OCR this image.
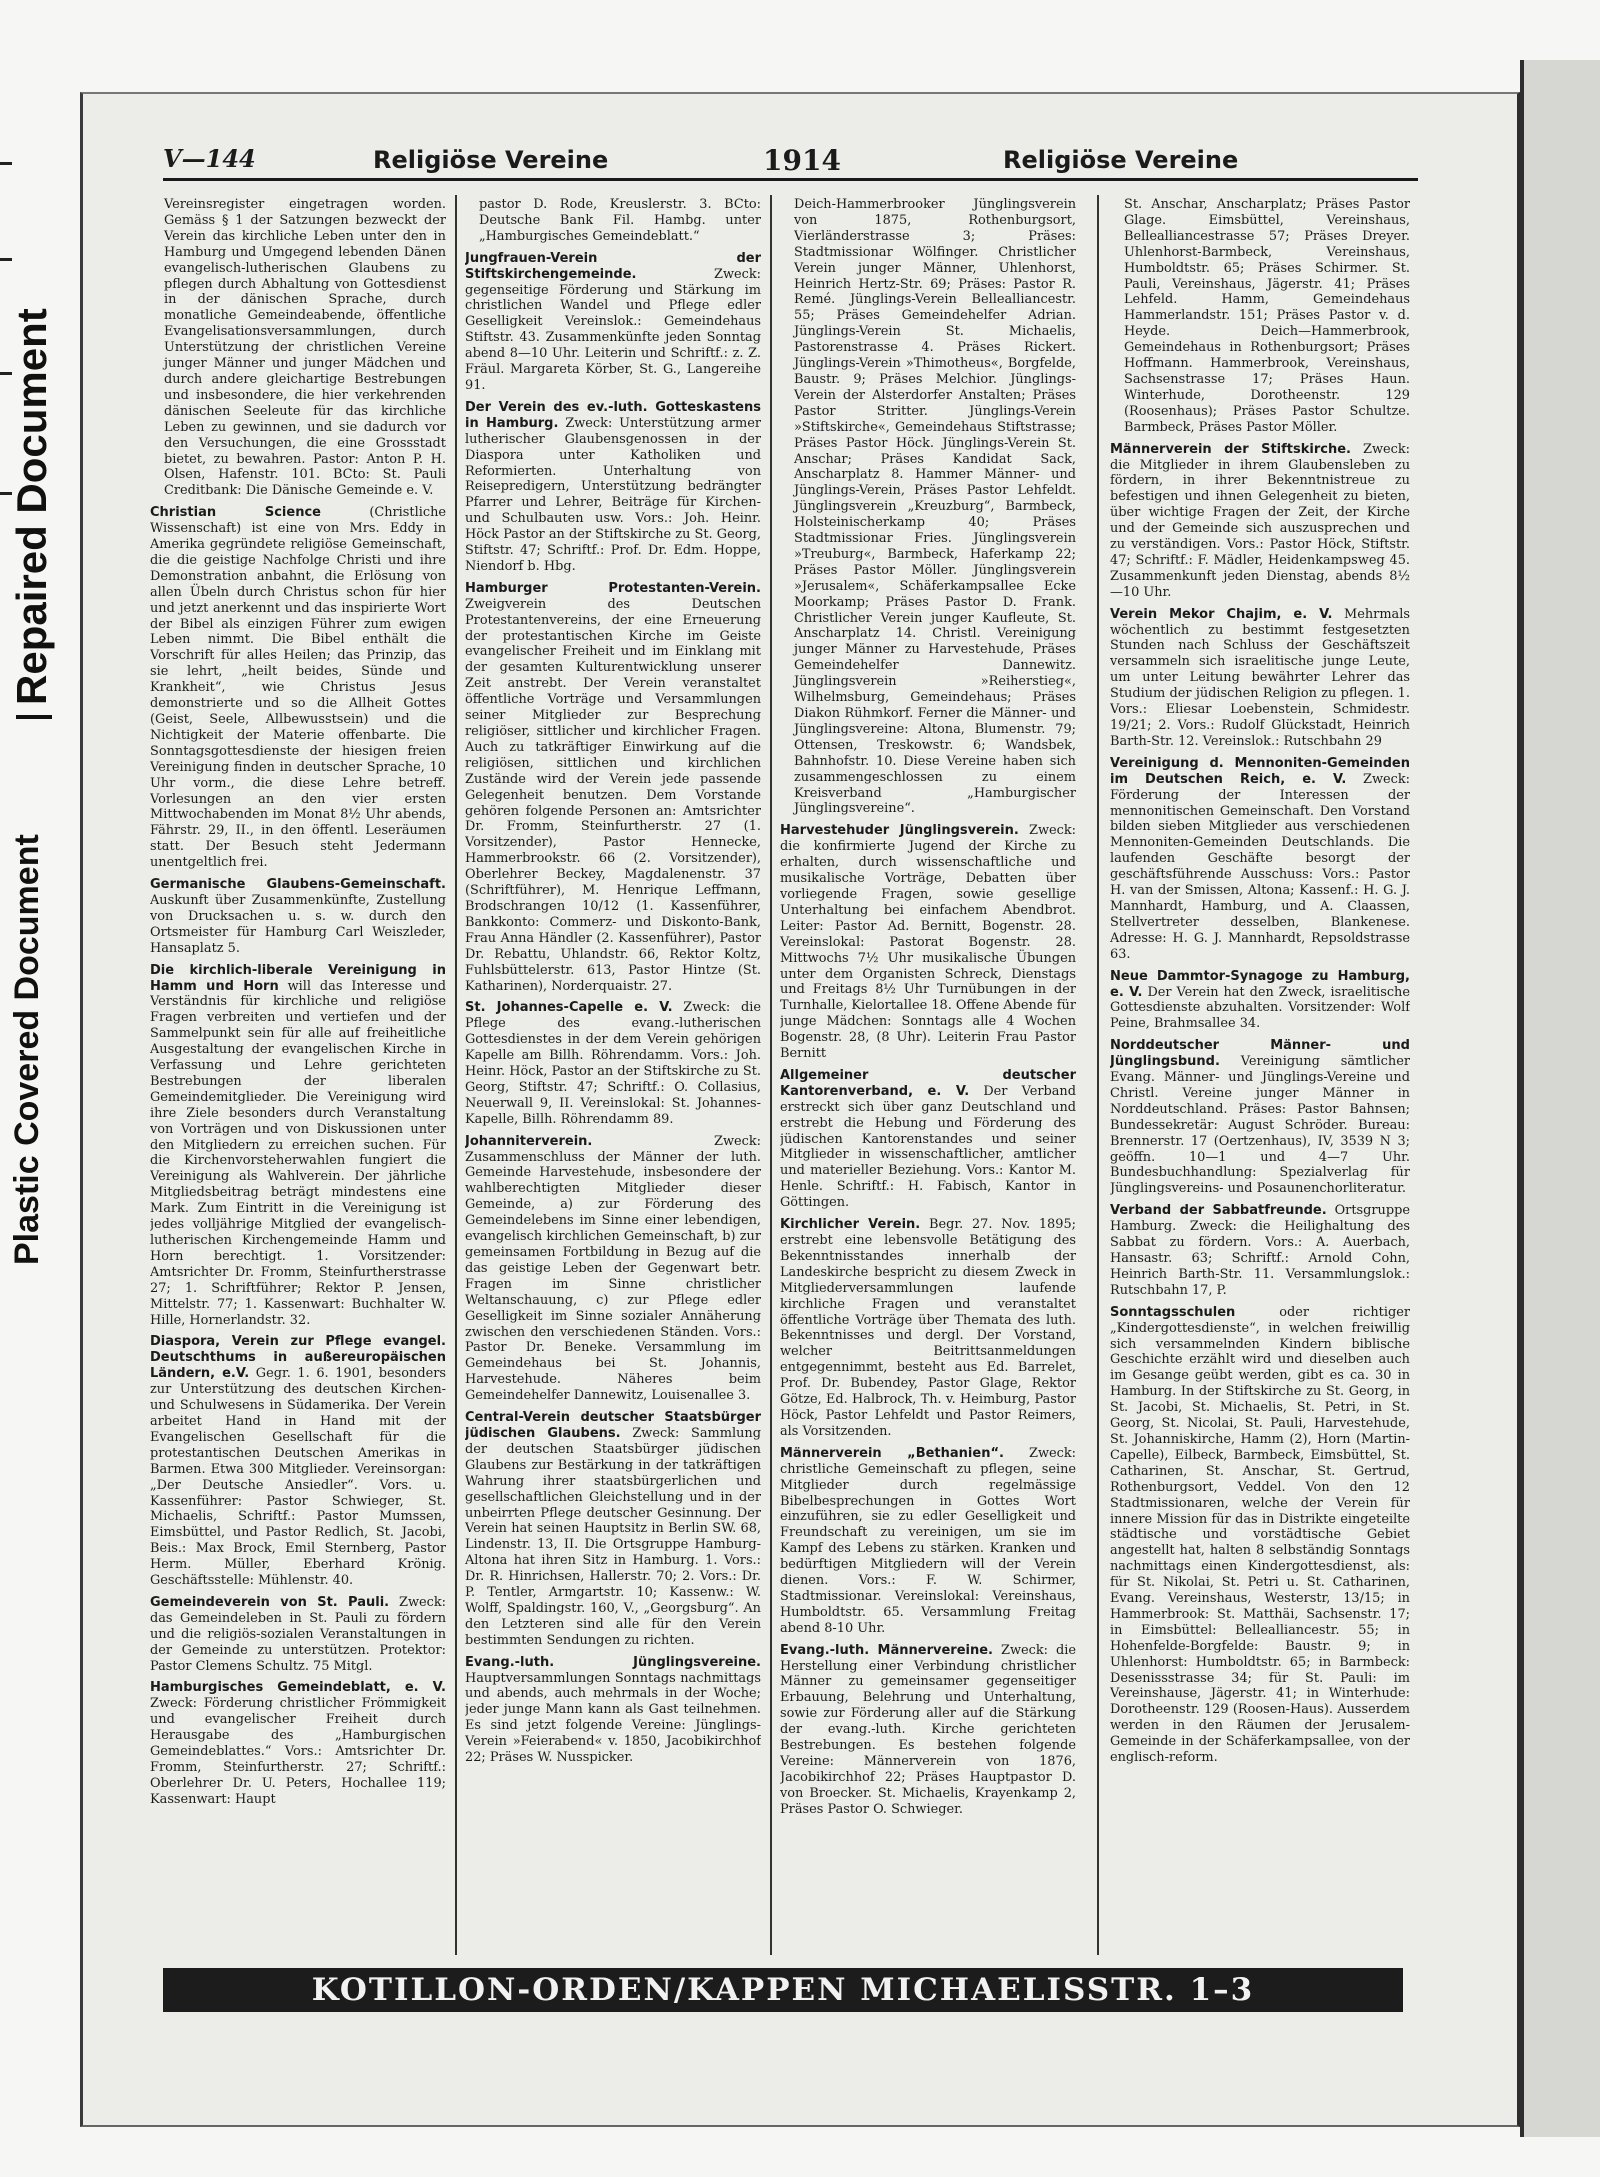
Plastic Covered Document
Repaired Document
V—144	Religiöse Vereine	1914	Religiöse Vereine

Vereinsregister eingetragen worden. Gemäss § 1 der Satzungen bezweckt der Verein das kirchliche Leben unter den in Hamburg und Umgegend lebenden Dänen evangelisch-lutherischen Glaubens zu pflegen durch Abhaltung von Gottesdienst in der dänischen Sprache, durch monatliche Gemeindeabende, öffentliche Evangelisationsversammlungen, durch Unterstützung der christlichen Vereine junger Männer und junger Mädchen und durch andere gleichartige Bestrebungen und insbesondere, die hier verkehrenden dänischen Seeleute für das kirchliche Leben zu gewinnen, und sie dadurch vor den Versuchungen, die eine Grossstadt bietet, zu bewahren. Pastor: Anton P. H. Olsen, Hafenstr. 101. BCto: St. Pauli Creditbank: Die Dänische Gemeinde e. V.

Christian Science	(Christliche Wissenschaft) ist eine von Mrs. Eddy in Amerika gegründete religiöse Gemeinschaft, die die geistige Nachfolge Christi und ihre Demonstration anbahnt, die Erlösung von allen Übeln durch Christus schon für hier und jetzt anerkennt und das inspirierte Wort der Bibel als einzigen Führer zum ewigen Leben nimmt. Die Bibel enthält die Vorschrift für alles Heilen; das Prinzip, das sie lehrt, „heilt beides, Sünde und Krankheit“, wie Christus Jesus demonstrierte und so die Allheit Gottes (Geist, Seele, Allbewusstsein) und die Nichtigkeit der Materie offenbarte. Die Sonntagsgottesdienste der hiesigen freien Vereinigung finden in deutscher Sprache, 10 Uhr vorm., die diese Lehre betreff. Vorlesungen an den vier ersten Mittwochabenden im Monat 8½ Uhr abends, Fährstr. 29, II., in den öffentl. Leseräumen statt. Der Besuch steht Jedermann unentgeltlich frei.

Germanische Glaubens-Gemeinschaft. Auskunft über Zusammenkünfte, Zustellung von Drucksachen u. s. w. durch den Ortsmeister für Hamburg Carl Weiszleder, Hansaplatz 5.

Die kirchlich-liberale Vereinigung in Hamm und Horn will das Interesse und Verständnis für kirchliche und religiöse Fragen verbreiten und vertiefen und der Sammelpunkt sein für alle auf freiheitliche Ausgestaltung der evangelischen Kirche in Verfassung und Lehre gerichteten Bestrebungen der liberalen Gemeindemitglieder. Die Vereinigung wird ihre Ziele besonders durch Veranstaltung von Vorträgen und von Diskussionen unter den Mitgliedern zu erreichen suchen. Für die Kirchenvorsteherwahlen fungiert die Vereinigung als Wahlverein. Der jährliche Mitgliedsbeitrag beträgt mindestens eine Mark. Zum Eintritt in die Vereinigung ist jedes volljährige Mitglied der evangelisch-lutherischen Kirchengemeinde Hamm und Horn berechtigt. 1. Vorsitzender: Amtsrichter Dr. Fromm, Steinfurtherstrasse 27; 1. Schriftführer; Rektor P. Jensen, Mittelstr. 77; 1. Kassenwart: Buchhalter W. Hille, Hornerlandstr. 32.

Diaspora, Verein zur Pflege evangel. Deutschthums in außereuropäischen Ländern, e.V. Gegr. 1. 6. 1901, besonders zur Unterstützung des deutschen Kirchen- und Schulwesens in Südamerika. Der Verein arbeitet Hand in Hand mit der Evangelischen Gesellschaft für die protestantischen Deutschen Amerikas in Barmen. Etwa 300 Mitglieder. Vereinsorgan: „Der Deutsche Ansiedler“. Vors. u. Kassenführer: Pastor Schwieger, St. Michaelis, Schriftf.: Pastor Mumssen, Eimsbüttel, und Pastor Redlich, St. Jacobi, Beis.: Max Brock, Emil Sternberg, Pastor Herm. Müller, Eberhard Krönig. Geschäftsstelle: Mühlenstr. 40.

Gemeindeverein von St. Pauli. Zweck: das Gemeindeleben in St. Pauli zu fördern und die religiös-sozialen Veranstaltungen in der Gemeinde zu unterstützen. Protektor: Pastor Clemens Schultz. 75 Mitgl.

Hamburgisches Gemeindeblatt, e. V. Zweck: Förderung christlicher Frömmigkeit und evangelischer Freiheit durch Herausgabe des „Hamburgischen Gemeindeblattes.“ Vors.: Amtsrichter Dr. Fromm, Steinfurtherstr. 27; Schriftf.: Oberlehrer Dr. U. Peters, Hochallee 119; Kassenwart: Haupt

pastor D. Rode, Kreuslerstr. 3. BCto: Deutsche Bank Fil. Hambg. unter „Hamburgisches Gemeindeblatt.“

Jungfrauen-Verein der Stiftskirchengemeinde.	Zweck: gegenseitige Förderung und Stärkung im christlichen Wandel und Pflege edler Geselligkeit Vereinslok.: Gemeindehaus Stiftstr. 43. Zusammenkünfte jeden Sonntag abend 8—10 Uhr. Leiterin und Schriftf.: z. Z. Fräul. Margareta Körber, St. G., Langereihe 91.

Der Verein des ev.-luth. Gotteskastens in Hamburg. Zweck: Unterstützung armer lutherischer Glaubensgenossen in der Diaspora unter Katholiken und Reformierten. Unterhaltung von Reisepredigern, Unterstützung bedrängter Pfarrer und Lehrer, Beiträge für Kirchen- und Schulbauten usw. Vors.: Joh. Heinr. Höck Pastor an der Stiftskirche zu St. Georg, Stiftstr. 47; Schriftf.: Prof. Dr. Edm. Hoppe, Niendorf b. Hbg.

Hamburger Protestanten-Verein. Zweigverein des Deutschen Protestantenvereins, der eine Erneuerung der protestantischen Kirche im Geiste evangelischer Freiheit und im Einklang mit der gesamten Kulturentwicklung unserer Zeit anstrebt. Der Verein veranstaltet öffentliche Vorträge und Versammlungen seiner Mitglieder zur Besprechung religiöser, sittlicher und kirchlicher Fragen. Auch zu tatkräftiger Einwirkung auf die religiösen, sittlichen und kirchlichen Zustände wird der Verein jede passende Gelegenheit benutzen. Dem Vorstande gehören folgende Personen an: Amtsrichter Dr. Fromm, Steinfurtherstr. 27 (1. Vorsitzender), Pastor Hennecke, Hammerbrookstr. 66 (2. Vorsitzender), Oberlehrer Beckey, Magdalenenstr. 37 (Schriftführer), M. Henrique Leffmann, Brodschrangen 10/12 (1. Kassenführer, Bankkonto: Commerz- und Diskonto-Bank, Frau Anna Händler (2. Kassenführer), Pastor Dr. Rebattu, Uhlandstr. 66, Rektor Koltz, Fuhlsbüttelerstr. 613, Pastor Hintze (St. Katharinen), Norderquaistr. 27.

St. Johannes-Capelle e. V. Zweck: die Pflege des evang.-lutherischen Gottesdienstes in der dem Verein gehörigen Kapelle am Billh. Röhrendamm. Vors.: Joh. Heinr. Höck, Pastor an der Stiftskirche zu St. Georg, Stiftstr. 47; Schriftf.: O. Collasius, Neuerwall 9, II. Vereinslokal: St. Johannes-Kapelle, Billh. Röhrendamm 89.

Johanniterverein.	Zweck: Zusammenschluss der Männer der luth. Gemeinde Harvestehude, insbesondere der wahlberechtigten Mitglieder dieser Gemeinde, a) zur Förderung des Gemeindelebens im Sinne einer lebendigen, evangelisch kirchlichen Gemeinschaft, b) zur gemeinsamen Fortbildung in Bezug auf die das geistige Leben der Gegenwart betr. Fragen im Sinne christlicher Weltanschauung, c) zur Pflege edler Geselligkeit im Sinne sozialer Annäherung zwischen den verschiedenen Ständen. Vors.: Pastor Dr. Beneke. Versammlung im Gemeindehaus bei St. Johannis, Harvestehude. Näheres beim Gemeindehelfer Dannewitz, Louisenallee 3.

Central-Verein deutscher Staatsbürger jüdischen Glaubens. Zweck: Sammlung der deutschen Staatsbürger jüdischen Glaubens zur Bestärkung in der tatkräftigen Wahrung ihrer staatsbürgerlichen und gesellschaftlichen Gleichstellung und in der unbeirrten Pflege deutscher Gesinnung. Der Verein hat seinen Hauptsitz in Berlin SW. 68, Lindenstr. 13, II. Die Ortsgruppe Hamburg-Altona hat ihren Sitz in Hamburg. 1. Vors.: Dr. R. Hinrichsen, Hallerstr. 70; 2. Vors.: Dr. P. Tentler, Armgartstr. 10; Kassenw.: W. Wolff, Spaldingstr. 160, V., „Georgsburg“. An den Letzteren sind alle für den Verein bestimmten Sendungen zu richten.

Evang.-luth. Jünglingsvereine. Hauptversammlungen Sonntags nachmittags und abends, auch mehrmals in der Woche; jeder junge Mann kann als Gast teilnehmen. Es sind jetzt folgende Vereine: Jünglings-Verein »Feierabend« v. 1850, Jacobikirchhof 22; Präses W. Nusspicker.

Deich-Hammerbrooker Jünglingsverein von 1875, Rothenburgsort, Vierländerstrasse 3; Präses: Stadtmissionar Wölfinger. Christlicher Verein junger Männer, Uhlenhorst, Heinrich Hertz-Str. 69; Präses: Pastor R. Remé. Jünglings-Verein Bellealliancestr. 55; Präses Gemeindehelfer Adrian. Jünglings-Verein St. Michaelis, Pastorenstrasse 4. Präses Rickert. Jünglings-Verein »Thimotheus«, Borgfelde, Baustr. 9; Präses Melchior. Jünglings-Verein der Alsterdorfer Anstalten; Präses Pastor Stritter. Jünglings-Verein »Stiftskirche«, Gemeindehaus Stiftstrasse; Präses Pastor Höck. Jünglings-Verein St. Anschar; Präses Kandidat Sack, Anscharplatz 8. Hammer Männer- und Jünglings-Verein, Präses Pastor Lehfeldt. Jünglingsverein „Kreuzburg“, Barmbeck, Holsteinischerkamp 40; Präses Stadtmissionar Fries. Jünglingsverein »Treuburg«, Barmbeck, Haferkamp 22; Präses Pastor Möller. Jünglingsverein »Jerusalem«, Schäferkampsallee Ecke Moorkamp; Präses Pastor D. Frank. Christlicher Verein junger Kaufleute, St. Anscharplatz 14. Christl. Vereinigung junger Männer zu Harvestehude, Präses Gemeindehelfer Dannewitz. Jünglingsverein »Reiherstieg«, Wilhelmsburg, Gemeindehaus; Präses Diakon Rühmkorf. Ferner die Männer- und Jünglingsvereine: Altona, Blumenstr. 79; Ottensen, Treskowstr. 6; Wandsbek, Bahnhofstr. 10. Diese Vereine haben sich zusammengeschlossen zu einem Kreisverband „Hamburgischer Jünglingsvereine“.

Harvestehuder Jünglingsverein. Zweck: die konfirmierte Jugend der Kirche zu erhalten, durch wissenschaftliche und musikalische Vorträge, Debatten über vorliegende Fragen, sowie gesellige Unterhaltung bei einfachem Abendbrot. Leiter: Pastor Ad. Bernitt, Bogenstr. 28. Vereinslokal: Pastorat Bogenstr. 28. Mittwochs 7½ Uhr musikalische Übungen unter dem Organisten Schreck, Dienstags und Freitags 8½ Uhr Turnübungen in der Turnhalle, Kielortallee 18. Offene Abende für junge Mädchen: Sonntags alle 4 Wochen Bogenstr. 28, (8 Uhr). Leiterin Frau Pastor Bernitt

Allgemeiner deutscher Kantorenverband, e. V. Der Verband erstreckt sich über ganz Deutschland und erstrebt die Hebung und Förderung des jüdischen Kantorenstandes und seiner Mitglieder in wissenschaftlicher, amtlicher und materieller Beziehung. Vors.: Kantor M. Henle. Schriftf.: H. Fabisch, Kantor in Göttingen.

Kirchlicher Verein. Begr. 27. Nov. 1895; erstrebt eine lebensvolle Betätigung des Bekenntnisstandes innerhalb der Landeskirche bespricht zu diesem Zweck in Mitgliederversammlungen laufende kirchliche Fragen und veranstaltet öffentliche Vorträge über Themata des luth. Bekenntnisses und dergl. Der Vorstand, welcher Beitrittsanmeldungen entgegennimmt, besteht aus Ed. Barrelet, Prof. Dr. Bubendey, Pastor Glage, Rektor Götze, Ed. Halbrock, Th. v. Heimburg, Pastor Höck, Pastor Lehfeldt und Pastor Reimers, als Vorsitzenden.

Männerverein „Bethanien“. Zweck: christliche Gemeinschaft zu pflegen, seine Mitglieder durch regelmässige Bibelbesprechungen in Gottes Wort einzuführen, sie zu edler Geselligkeit und Freundschaft zu vereinigen, um sie im Kampf des Lebens zu stärken. Kranken und bedürftigen Mitgliedern will der Verein dienen. Vors.: F. W. Schirmer, Stadtmissionar. Vereinslokal: Vereinshaus, Humboldtstr. 65. Versammlung Freitag abend 8-10 Uhr.

Evang.-luth. Männervereine. Zweck: die Herstellung einer Verbindung christlicher Männer zu gemeinsamer gegenseitiger Erbauung, Belehrung und Unterhaltung, sowie zur Förderung aller auf die Stärkung der evang.-luth. Kirche gerichteten Bestrebungen. Es bestehen folgende Vereine: Männerverein von 1876, Jacobikirchhof 22; Präses Hauptpastor D. von Broecker. St. Michaelis, Krayenkamp 2, Präses Pastor O. Schwieger.

St. Anschar, Anscharplatz; Präses Pastor Glage. Eimsbüttel, Vereinshaus, Bellealliancestrasse 57; Präses Dreyer. Uhlenhorst-Barmbeck, Vereinshaus, Humboldtstr. 65; Präses Schirmer. St. Pauli, Vereinshaus, Jägerstr. 41; Präses Lehfeld. Hamm, Gemeindehaus Hammerlandstr. 151; Präses Pastor v. d. Heyde. Deich—Hammerbrook, Gemeindehaus in Rothenburgsort; Präses Hoffmann. Hammerbrook, Vereinshaus, Sachsenstrasse 17; Präses Haun. Winterhude, Dorotheenstr. 129 (Roosenhaus); Präses Pastor Schultze. Barmbeck, Präses Pastor Möller.

Männerverein der Stiftskirche. Zweck: die Mitglieder in ihrem Glaubensleben zu fördern, in ihrer Bekenntnistreue zu befestigen und ihnen Gelegenheit zu bieten, über wichtige Fragen der Zeit, der Kirche und der Gemeinde sich auszusprechen und zu verständigen. Vors.: Pastor Höck, Stiftstr. 47; Schriftf.: F. Mädler, Heidenkampsweg 45. Zusammenkunft jeden Dienstag, abends 8½—10 Uhr.

Verein Mekor Chajim, e. V. Mehrmals wöchentlich zu bestimmt festgesetzten Stunden nach Schluss der Geschäftszeit versammeln sich israelitische junge Leute, um unter Leitung bewährter Lehrer das Studium der jüdischen Religion zu pflegen. 1. Vors.: Eliesar Loebenstein, Schmidestr. 19/21; 2. Vors.: Rudolf Glückstadt, Heinrich Barth-Str. 12. Vereinslok.: Rutschbahn 29

Vereinigung d. Mennoniten-Gemeinden im Deutschen Reich, e. V. Zweck: Förderung der Interessen der mennonitischen Gemeinschaft. Den Vorstand bilden sieben Mitglieder aus verschiedenen Mennoniten-Gemeinden Deutschlands. Die laufenden Geschäfte besorgt der geschäftsführende Ausschuss: Vors.: Pastor H. van der Smissen, Altona; Kassenf.: H. G. J. Mannhardt, Hamburg, und A. Claassen, Stellvertreter desselben, Blankenese. Adresse: H. G. J. Mannhardt, Repsoldstrasse 63.

Neue Dammtor-Synagoge zu Hamburg, e. V. Der Verein hat den Zweck, israelitische Gottesdienste abzuhalten. Vorsitzender: Wolf Peine, Brahmsallee 34.

Norddeutscher Männer- und Jünglingsbund. Vereinigung sämtlicher Evang. Männer- und Jünglings-Vereine und Christl. Vereine junger Männer in Norddeutschland. Präses: Pastor Bahnsen; Bundessekretär: August Schröder. Bureau: Brennerstr. 17 (Oertzenhaus), IV, 3539 N 3; geöffn. 10—1 und 4—7 Uhr. Bundesbuchhandlung: Spezialverlag für Jünglingsvereins- und Posaunenchorliteratur.

Verband der Sabbatfreunde. Ortsgruppe Hamburg. Zweck: die Heilighaltung des Sabbat zu fördern. Vors.: A. Auerbach, Hansastr. 63; Schriftf.: Arnold Cohn, Heinrich Barth-Str. 11. Versammlungslok.: Rutschbahn 17, P.

Sonntagsschulen	oder richtiger „Kindergottesdienste“, in welchen freiwillig sich versammelnden Kindern biblische Geschichte erzählt wird und dieselben auch im Gesange geübt werden, gibt es ca. 30 in Hamburg. In der Stiftskirche zu St. Georg, in St. Jacobi, St. Michaelis, St. Petri, in St. Georg, St. Nicolai, St. Pauli, Harvestehude, St. Johanniskirche, Hamm (2), Horn (Martin-Capelle), Eilbeck, Barmbeck, Eimsbüttel, St. Catharinen, St. Anschar, St. Gertrud, Rothenburgsort, Veddel. Von den 12 Stadtmissionaren, welche der Verein für innere Mission für das in Distrikte eingeteilte städtische und vorstädtische Gebiet angestellt hat, halten 8 selbständig Sonntags nachmittags einen Kindergottesdienst, als: für St. Nikolai, St. Petri u. St. Catharinen, Evang. Vereinshaus, Westerstr, 13/15; in Hammerbrook: St. Matthäi, Sachsenstr. 17; in Eimsbüttel: Bellealliancestr. 55; in Hohenfelde-Borgfelde: Baustr. 9; in Uhlenhorst: Humboldtstr. 65; in Barmbeck: Desenissstrasse 34; für St. Pauli: im Vereinshause, Jägerstr. 41; in Winterhude: Dorotheenstr. 129 (Roosen-Haus). Ausserdem werden in den Räumen der Jerusalem-Gemeinde in der Schäferkampsallee, von der englisch-reform.

KOTILLON-ORDEN/KAPPEN MICHAELISSTR. 1–3
